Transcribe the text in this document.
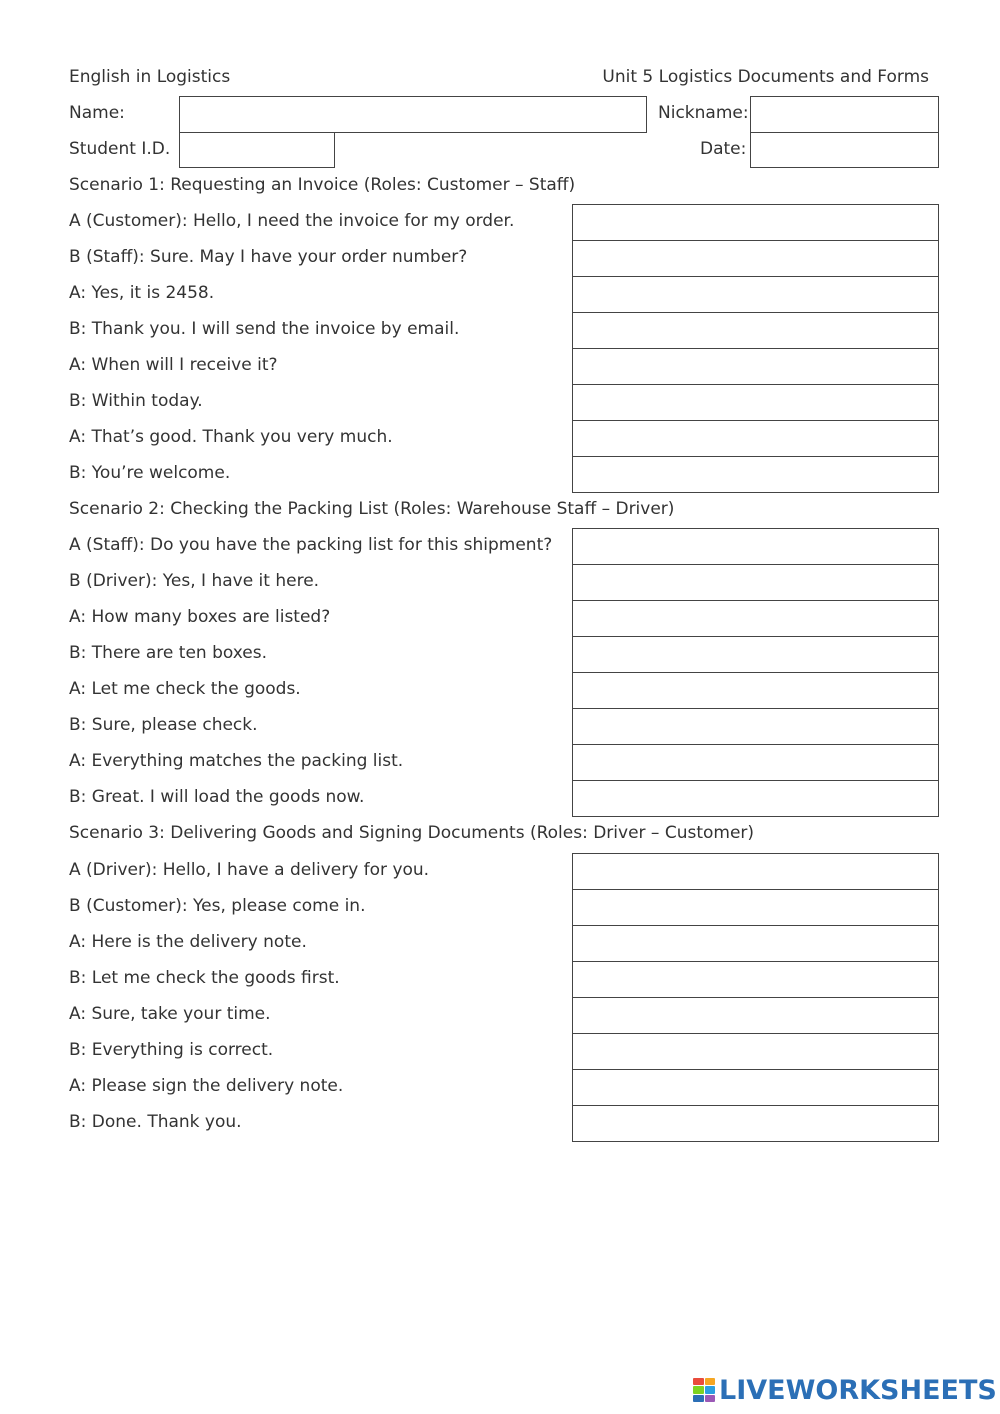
English in Logistics	Unit 5 Logistics Documents and Forms
Name:	Nickname:
Student I.D.	Date:
Scenario 1: Requesting an Invoice (Roles: Customer – Staff)
A (Customer): Hello, I need the invoice for my order.
B (Staff): Sure. May I have your order number?
A: Yes, it is 2458.
B: Thank you. I will send the invoice by email.
A: When will I receive it?
B: Within today.
A: That’s good. Thank you very much.
B: You’re welcome.
Scenario 2: Checking the Packing List (Roles: Warehouse Staff – Driver)
A (Staff): Do you have the packing list for this shipment?
B (Driver): Yes, I have it here.
A: How many boxes are listed?
B: There are ten boxes.
A: Let me check the goods.
B: Sure, please check.
A: Everything matches the packing list.
B: Great. I will load the goods now.
Scenario 3: Delivering Goods and Signing Documents (Roles: Driver – Customer)
A (Driver): Hello, I have a delivery for you.
B (Customer): Yes, please come in.
A: Here is the delivery note.
B: Let me check the goods first.
A: Sure, take your time.
B: Everything is correct.
A: Please sign the delivery note.
B: Done. Thank you.
LIVEWORKSHEETS
